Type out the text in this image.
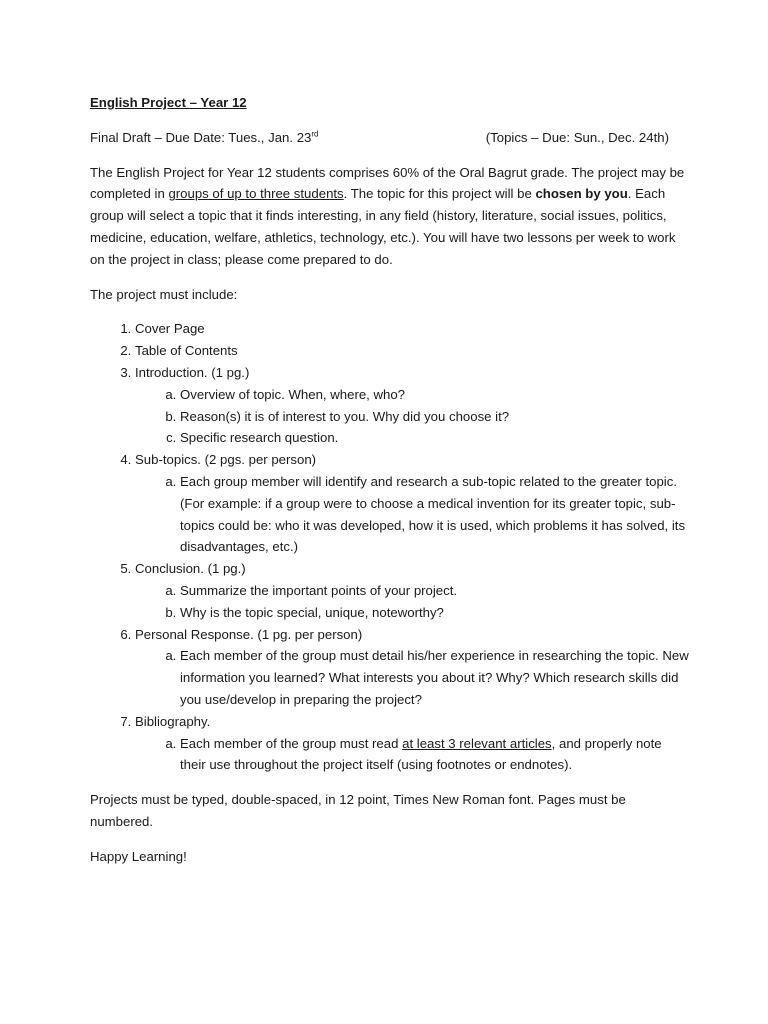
English Project – Year 12

Final Draft – Due Date: Tues., Jan. 23rd	(Topics – Due: Sun., Dec. 24th)

The English Project for Year 12 students comprises 60% of the Oral Bagrut grade. The project may be completed in groups of up to three students. The topic for this project will be chosen by you. Each group will select a topic that it finds interesting, in any field (history, literature, social issues, politics, medicine, education, welfare, athletics, technology, etc.). You will have two lessons per week to work on the project in class; please come prepared to do.

The project must include:

1. Cover Page
2. Table of Contents
3. Introduction. (1 pg.)
a. Overview of topic. When, where, who?
b. Reason(s) it is of interest to you. Why did you choose it?
c. Specific research question.
4. Sub-topics. (2 pgs. per person)
a. Each group member will identify and research a sub-topic related to the greater topic. (For example: if a group were to choose a medical invention for its greater topic, sub-topics could be: who it was developed, how it is used, which problems it has solved, its disadvantages, etc.)
5. Conclusion. (1 pg.)
a. Summarize the important points of your project.
b. Why is the topic special, unique, noteworthy?
6. Personal Response. (1 pg. per person)
a. Each member of the group must detail his/her experience in researching the topic. New information you learned? What interests you about it? Why? Which research skills did you use/develop in preparing the project?
7. Bibliography.
a. Each member of the group must read at least 3 relevant articles, and properly note their use throughout the project itself (using footnotes or endnotes).

Projects must be typed, double-spaced, in 12 point, Times New Roman font. Pages must be numbered.

Happy Learning!
